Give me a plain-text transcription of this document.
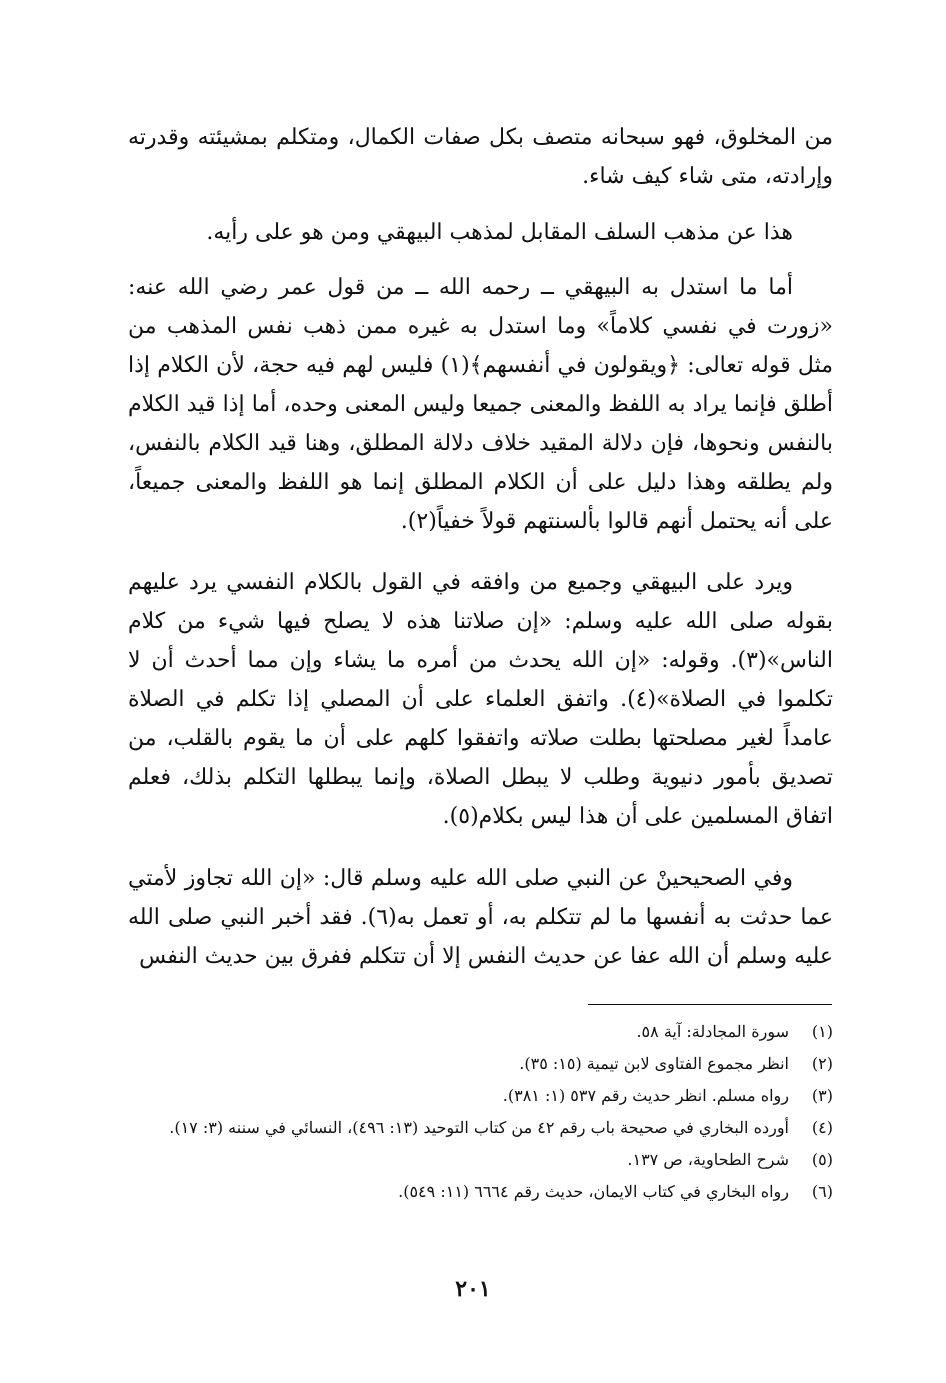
من المخلوق، فهو سبحانه متصف بكل صفات الكمال، ومتكلم بمشيئته وقدرته وإرادته، متى شاء كيف شاء.

هذا عن مذهب السلف المقابل لمذهب البيهقي ومن هو على رأيه.

أما ما استدل به البيهقي ــ رحمه الله ــ من قول عمر رضي الله عنه: «زورت في نفسي كلاماً» وما استدل به غيره ممن ذهب نفس المذهب من مثل قوله تعالى: ﴿ويقولون في أنفسهم﴾(١) فليس لهم فيه حجة، لأن الكلام إذا أطلق فإنما يراد به اللفظ والمعنى جميعا وليس المعنى وحده، أما إذا قيد الكلام بالنفس ونحوها، فإن دلالة المقيد خلاف دلالة المطلق، وهنا قيد الكلام بالنفس، ولم يطلقه وهذا دليل على أن الكلام المطلق إنما هو اللفظ والمعنى جميعاً، على أنه يحتمل أنهم قالوا بألسنتهم قولاً خفياً(٢).

ويرد على البيهقي وجميع من وافقه في القول بالكلام النفسي يرد عليهم بقوله صلى الله عليه وسلم: «إن صلاتنا هذه لا يصلح فيها شيء من كلام الناس»(٣). وقوله: «إن الله يحدث من أمره ما يشاء وإن مما أحدث أن لا تكلموا في الصلاة»(٤). واتفق العلماء على أن المصلي إذا تكلم في الصلاة عامداً لغير مصلحتها بطلت صلاته واتفقوا كلهم على أن ما يقوم بالقلب، من تصديق بأمور دنيوية وطلب لا يبطل الصلاة، وإنما يبطلها التكلم بذلك، فعلم اتفاق المسلمين على أن هذا ليس بكلام(٥).

وفي الصحيحينْ عن النبي صلى الله عليه وسلم قال: «إن الله تجاوز لأمتي عما حدثت به أنفسها ما لم تتكلم به، أو تعمل به(٦). فقد أخبر النبي صلى الله عليه وسلم أن الله عفا عن حديث النفس إلا أن تتكلم ففرق بين حديث النفس

(١)
سورة المجادلة: آية ٥٨.
(٢)
انظر مجموع الفتاوى لابن تيمية (١٥: ٣٥).
(٣)
رواه مسلم. انظر حديث رقم ٥٣٧ (١: ٣٨١).
(٤)
أورده البخاري في صحيحة باب رقم ٤٢ من كتاب التوحيد (١٣: ٤٩٦)، النسائي في سننه (٣: ١٧).
(٥)
شرح الطحاوية، ص ١٣٧.
(٦)
رواه البخاري في كتاب الايمان، حديث رقم ٦٦٦٤ (١١: ٥٤٩).
٢٠١
